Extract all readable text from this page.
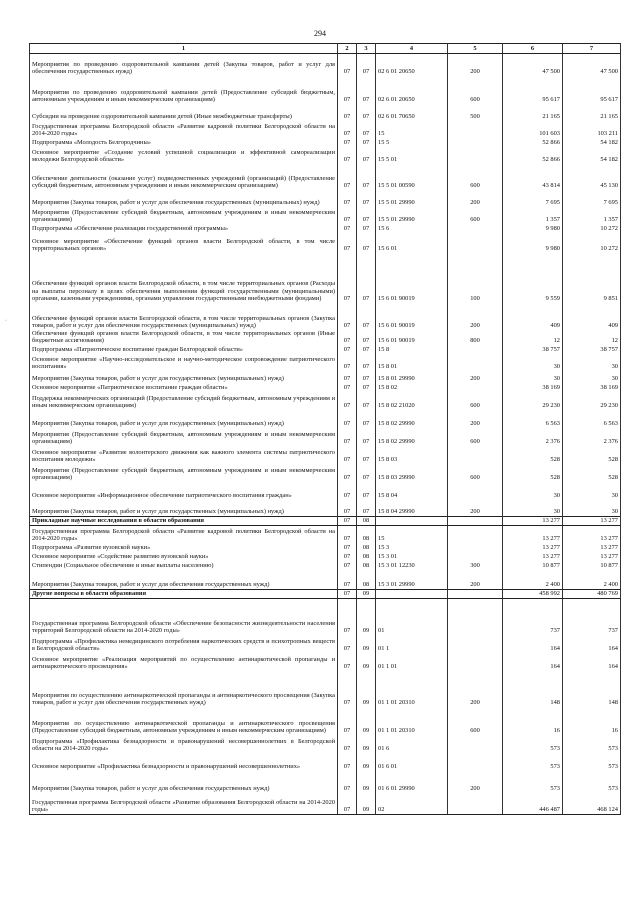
294
·
1	2	3	4	5	6	7
Мероприятия по проведению оздоровительной кампании детей (Закупка товаров, работ и услуг для обеспечения государственных нужд)	07	07	02 6 01 20650	200	47 500	47 500
Мероприятия по проведению оздоровительной кампании детей (Предоставление субсидий бюджетным, автономным учреждениям и иным некоммерческим организациям)	07	07	02 6 01 20650	600	95 617	95 617
Субсидии на проведение оздоровительной кампании детей (Иные межбюджетные трансферты)	07	07	02 6 01 70650	500	21 165	21 165
Государственная программа Белгородской области «Развитие кадровой политики Белгородской области на 2014-2020 годы»	07	07	15		101 603	103 211
Подпрограмма «Молодость Белгородчины»	07	07	15 5		52 866	54 182
Основное мероприятие «Создание условий успешной социализации и эффективной самореализации молодежи Белгородской области»	07	07	15 5 01		52 866	54 182
Обеспечение деятельности (оказание услуг) подведомственных учреждений (организаций) (Предоставление субсидий бюджетным, автономным учреждениям и иным некоммерческим организациям)	07	07	15 5 01 00590	600	43 814	45 130
Мероприятия (Закупка товаров, работ и услуг для обеспечения государственных (муниципальных) нужд)	07	07	15 5 01 29990	200	7 695	7 695
Мероприятия (Предоставление субсидий бюджетным, автономным учреждениям и иным некоммерческим организациям)	07	07	15 5 01 29990	600	1 357	1 357
Подпрограмма «Обеспечение реализации государственной программы»	07	07	15 6		9 980	10 272
Основное мероприятие «Обеспечение функций органов власти Белгородской области, в том числе территориальных органов»	07	07	15 6 01		9 980	10 272
Обеспечение функций органов власти Белгородской области, в том числе территориальных органов (Расходы на выплаты персоналу в целях обеспечения выполнения функций государственными (муниципальными) органами, казенными учреждениями, органами управления государственными внебюджетными фондами)	07	07	15 6 01 90019	100	9 559	9 851
Обеспечение функций органов власти Белгородской области, в том числе территориальных органов (Закупка товаров, работ и услуг для обеспечения государственных (муниципальных) нужд)	07	07	15 6 01 90019	200	409	409
Обеспечение функций органов власти Белгородской области, в том числе территориальных органов (Иные бюджетные ассигнования)	07	07	15 6 01 90019	800	12	12
Подпрограмма «Патриотическое воспитание граждан Белгородской области»	07	07	15 8		38 757	38 757
Основное мероприятие «Научно-исследовательское и научно-методическое сопровождение патриотического воспитания»	07	07	15 8 01		30	30
Мероприятия (Закупка товаров, работ и услуг для государственных (муниципальных) нужд)	07	07	15 8 01 29990	200	30	30
Основное мероприятие «Патриотическое воспитание граждан области»	07	07	15 8 02		38 169	38 169
Поддержка некоммерческих организаций (Предоставление субсидий бюджетным, автономным учреждениям и иным некоммерческим организациям)	07	07	15 8 02 21020	600	29 230	29 230
Мероприятия (Закупка товаров, работ и услуг для государственных (муниципальных) нужд)	07	07	15 8 02 29990	200	6 563	6 563
Мероприятия (Предоставление субсидий бюджетным, автономным учреждениям и иным некоммерческим организациям)	07	07	15 8 02 29990	600	2 376	2 376
Основное мероприятие «Развитие волонтерского движения как важного элемента системы патриотического воспитания молодежи»	07	07	15 8 03		528	528
Мероприятия (Предоставление субсидий бюджетным, автономным учреждениям и иным некоммерческим организациям)	07	07	15 8 03 29990	600	528	528
Основное мероприятие «Информационное обеспечение патриотического воспитания граждан»	07	07	15 8 04		30	30
Мероприятия (Закупка товаров, работ и услуг для государственных (муниципальных) нужд)	07	07	15 8 04 29990	200	30	30
Прикладные научные исследования в области образования	07	08			13 277	13 277
Государственная программа Белгородской области «Развитие кадровой политики Белгородской области на 2014-2020 годы»	07	08	15		13 277	13 277
Подпрограмма «Развитие вузовской науки»	07	08	15 3		13 277	13 277
Основное мероприятие «Содействие развитию вузовской науки»	07	08	15 3 01		13 277	13 277
Стипендии (Социальное обеспечение и иные выплаты населению)	07	08	15 3 01 12230	300	10 877	10 877
Мероприятия (Закупка товаров, работ и услуг для обеспечения государственных нужд)	07	08	15 3 01 29990	200	2 400	2 400
Другие вопросы в области образования	07	09			458 992	480 769
Государственная программа Белгородской области «Обеспечение безопасности жизнедеятельности населения территорий Белгородской области на 2014-2020 годы»	07	09	01		737	737
Подпрограмма «Профилактика немедицинского потребления наркотических средств и психотропных веществ в Белгородской области»	07	09	01 1		164	164
Основное мероприятие «Реализация мероприятий по осуществлению антинаркотической пропаганды и антинаркотического просвещения»	07	09	01 1 01		164	164
Мероприятия по осуществлению антинаркотической пропаганды и антинаркотического просвещения (Закупка товаров, работ и услуг для обеспечения государственных нужд)	07	09	01 1 01 20310	200	148	148
Мероприятия по осуществлению антинаркотической пропаганды и антинаркотического просвещения (Предоставление субсидий бюджетным, автономным учреждениям и иным некоммерческим организациям)	07	09	01 1 01 20310	600	16	16
Подпрограмма «Профилактика безнадзорности и правонарушений несовершеннолетних в Белгородской области на 2014-2020 годы»	07	09	01 6		573	573
Основное мероприятие «Профилактика безнадзорности и правонарушений несовершеннолетних»	07	09	01 6 01		573	573
Мероприятия (Закупка товаров, работ и услуг для обеспечения государственных нужд)	07	09	01 6 01 29990	200	573	573
Государственная программа Белгородской области «Развитие образования Белгородской области на 2014-2020 годы»	07	09	02		446 487	468 124
